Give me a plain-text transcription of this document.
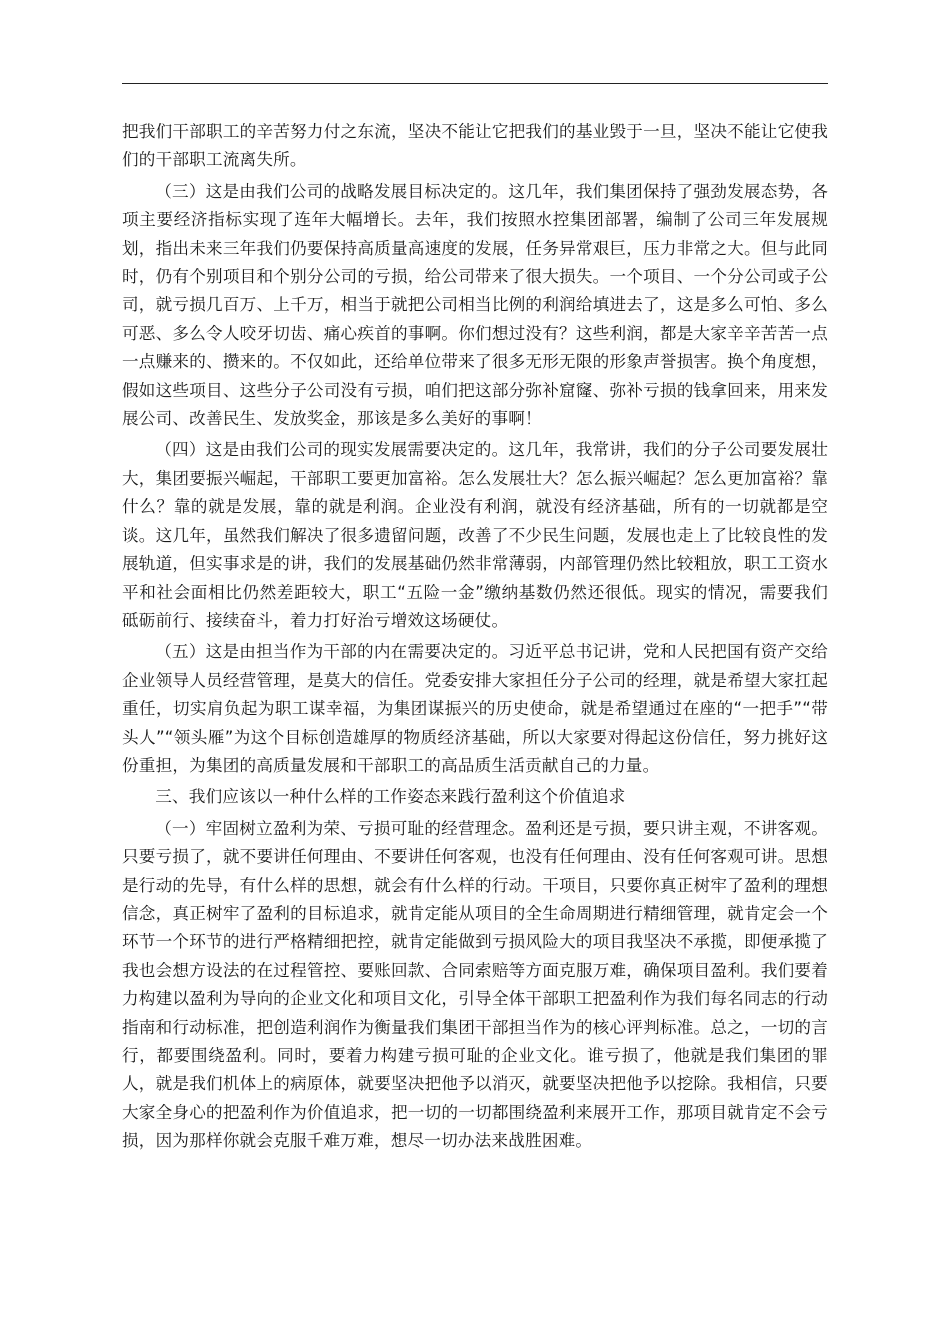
把我们干部职工的辛苦努力付之东流，坚决不能让它把我们的基业毁于一旦，坚决不能让它使我们的干部职工流离失所。

（三）这是由我们公司的战略发展目标决定的。这几年，我们集团保持了强劲发展态势，各项主要经济指标实现了连年大幅增长。去年，我们按照水控集团部署，编制了公司三年发展规划，指出未来三年我们仍要保持高质量高速度的发展，任务异常艰巨，压力非常之大。但与此同时，仍有个别项目和个别分公司的亏损，给公司带来了很大损失。一个项目、一个分公司或子公司，就亏损几百万、上千万，相当于就把公司相当比例的利润给填进去了，这是多么可怕、多么可恶、多么令人咬牙切齿、痛心疾首的事啊。你们想过没有？这些利润，都是大家辛辛苦苦一点一点赚来的、攒来的。不仅如此，还给单位带来了很多无形无限的形象声誉损害。换个角度想，假如这些项目、这些分子公司没有亏损，咱们把这部分弥补窟窿、弥补亏损的钱拿回来，用来发展公司、改善民生、发放奖金，那该是多么美好的事啊！

（四）这是由我们公司的现实发展需要决定的。这几年，我常讲，我们的分子公司要发展壮大，集团要振兴崛起，干部职工要更加富裕。怎么发展壮大？怎么振兴崛起？怎么更加富裕？靠什么？靠的就是发展，靠的就是利润。企业没有利润，就没有经济基础，所有的一切就都是空谈。这几年，虽然我们解决了很多遗留问题，改善了不少民生问题，发展也走上了比较良性的发展轨道，但实事求是的讲，我们的发展基础仍然非常薄弱，内部管理仍然比较粗放，职工工资水平和社会面相比仍然差距较大，职工“五险一金”缴纳基数仍然还很低。现实的情况，需要我们砥砺前行、接续奋斗，着力打好治亏增效这场硬仗。

（五）这是由担当作为干部的内在需要决定的。习近平总书记讲，党和人民把国有资产交给企业领导人员经营管理，是莫大的信任。党委安排大家担任分子公司的经理，就是希望大家扛起重任，切实肩负起为职工谋幸福，为集团谋振兴的历史使命，就是希望通过在座的“一把手”“带头人”“领头雁”为这个目标创造雄厚的物质经济基础，所以大家要对得起这份信任，努力挑好这份重担，为集团的高质量发展和干部职工的高品质生活贡献自己的力量。

三、我们应该以一种什么样的工作姿态来践行盈利这个价值追求

（一）牢固树立盈利为荣、亏损可耻的经营理念。盈利还是亏损，要只讲主观，不讲客观。只要亏损了，就不要讲任何理由、不要讲任何客观，也没有任何理由、没有任何客观可讲。思想是行动的先导，有什么样的思想，就会有什么样的行动。干项目，只要你真正树牢了盈利的理想信念，真正树牢了盈利的目标追求，就肯定能从项目的全生命周期进行精细管理，就肯定会一个环节一个环节的进行严格精细把控，就肯定能做到亏损风险大的项目我坚决不承揽，即便承揽了我也会想方设法的在过程管控、要账回款、合同索赔等方面克服万难，确保项目盈利。我们要着力构建以盈利为导向的企业文化和项目文化，引导全体干部职工把盈利作为我们每名同志的行动指南和行动标准，把创造利润作为衡量我们集团干部担当作为的核心评判标准。总之，一切的言行，都要围绕盈利。同时，要着力构建亏损可耻的企业文化。谁亏损了，他就是我们集团的罪人，就是我们机体上的病原体，就要坚决把他予以消灭，就要坚决把他予以挖除。我相信，只要大家全身心的把盈利作为价值追求，把一切的一切都围绕盈利来展开工作，那项目就肯定不会亏损，因为那样你就会克服千难万难，想尽一切办法来战胜困难。
